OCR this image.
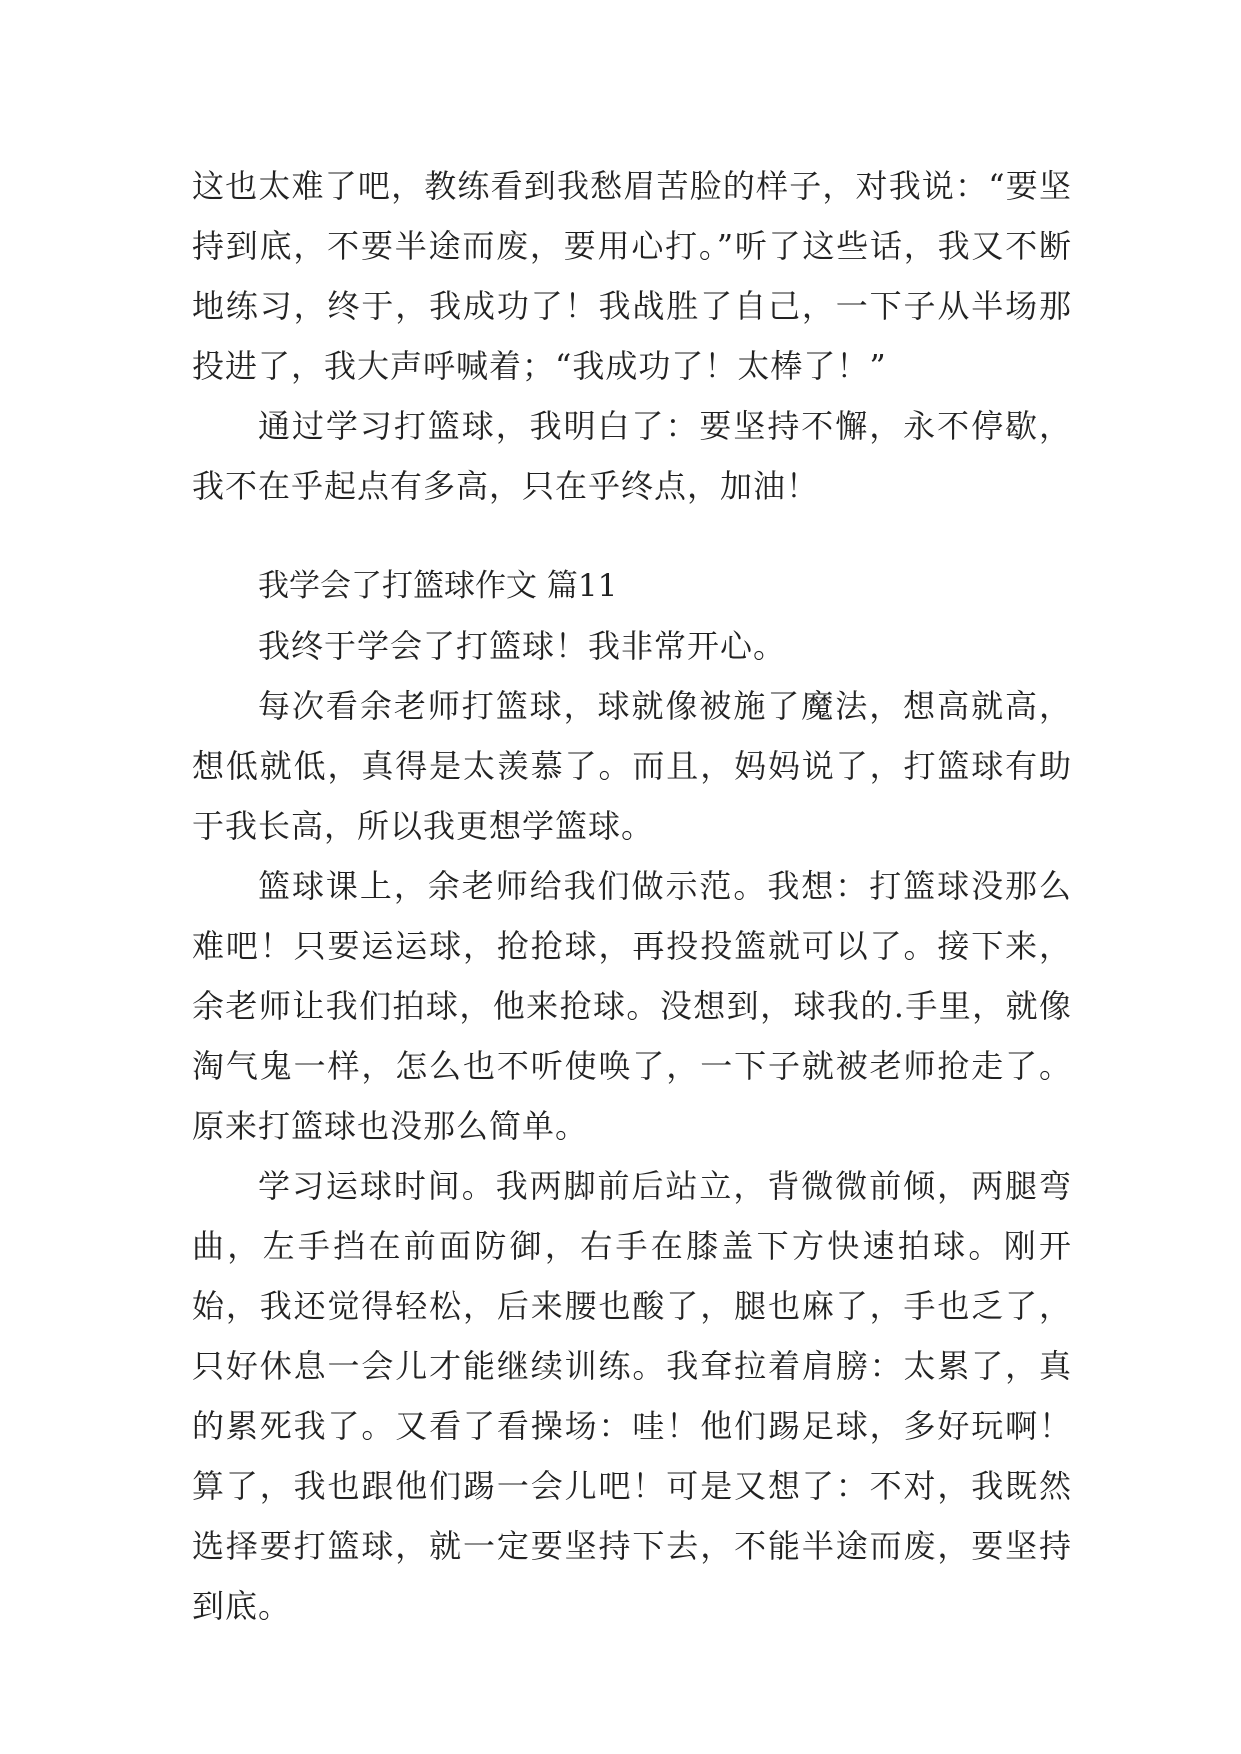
这也太难了吧，教练看到我愁眉苦脸的样子，对我说：“要坚持到底，不要半途而废，要用心打。”听了这些话，我又不断地练习，终于，我成功了！我战胜了自己，一下子从半场那投进了，我大声呼喊着；“我成功了！太棒了！”

通过学习打篮球，我明白了：要坚持不懈，永不停歇，我不在乎起点有多高，只在乎终点，加油！

我学会了打篮球作文 篇11

我终于学会了打篮球！我非常开心。

每次看余老师打篮球，球就像被施了魔法，想高就高，想低就低，真得是太羡慕了。而且，妈妈说了，打篮球有助于我长高，所以我更想学篮球。

篮球课上，余老师给我们做示范。我想：打篮球没那么难吧！只要运运球，抢抢球，再投投篮就可以了。接下来，余老师让我们拍球，他来抢球。没想到，球我的.手里，就像淘气鬼一样，怎么也不听使唤了，一下子就被老师抢走了。原来打篮球也没那么简单。

学习运球时间。我两脚前后站立，背微微前倾，两腿弯曲，左手挡在前面防御，右手在膝盖下方快速拍球。刚开始，我还觉得轻松，后来腰也酸了，腿也麻了，手也乏了，只好休息一会儿才能继续训练。我耷拉着肩膀：太累了，真的累死我了。又看了看操场：哇！他们踢足球，多好玩啊！算了，我也跟他们踢一会儿吧！可是又想了：不对，我既然选择要打篮球，就一定要坚持下去，不能半途而废，要坚持到底。
